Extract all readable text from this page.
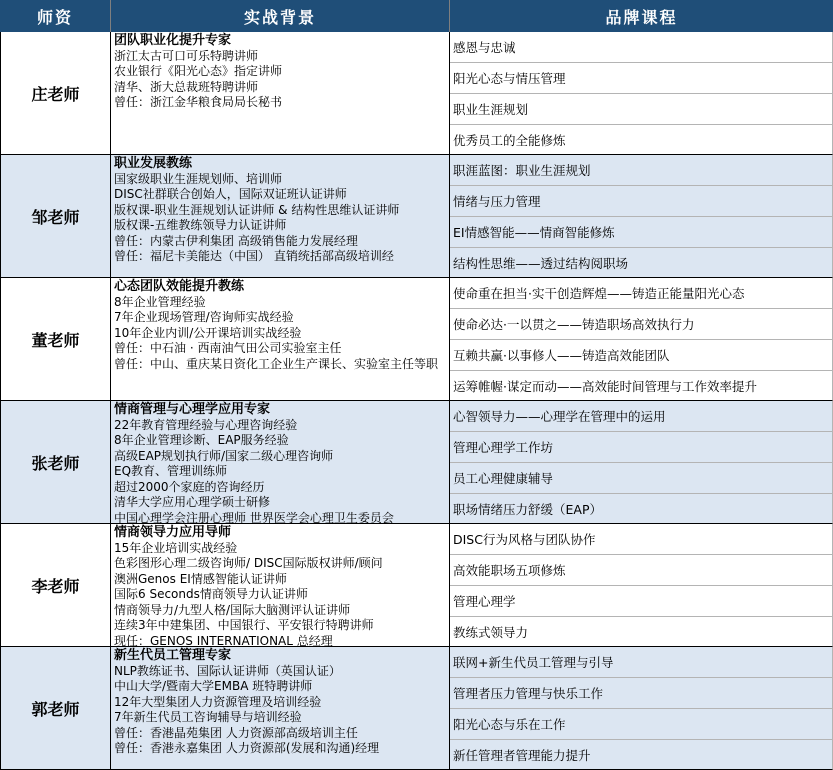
师资	实战背景	品牌课程
庄老师
团队职业化提升专家
浙江太古可口可乐特聘讲师
农业银行《阳光心态》指定讲师
清华、浙大总裁班特聘讲师
曾任：浙江金华粮食局局长秘书
感恩与忠诚
阳光心态与情压管理
职业生涯规划
优秀员工的全能修炼
邹老师
职业发展教练
国家级职业生涯规划师、培训师
DISC社群联合创始人，国际双证班认证讲师
版权课-职业生涯规划认证讲师 & 结构性思维认证讲师
版权课-五维教练领导力认证讲师
曾任：内蒙古伊利集团 高级销售能力发展经理
曾任：福尼卡美能达（中国） 直销统括部高级培训经
职涯蓝图：职业生涯规划
情绪与压力管理
EI情感智能——情商智能修炼
结构性思维——透过结构阅职场
董老师
心态团队效能提升教练
8年企业管理经验
7年企业现场管理/咨询师实战经验
10年企业内训/公开课培训实战经验
曾任：中石油 · 西南油气田公司实验室主任
曾任：中山、重庆某日资化工企业生产课长、实验室主任等职
使命重在担当·实干创造辉煌——铸造正能量阳光心态
使命必达·一以贯之——铸造职场高效执行力
互赖共赢·以事修人——铸造高效能团队
运筹帷幄·谋定而动——高效能时间管理与工作效率提升
张老师
情商管理与心理学应用专家
22年教育管理经验与心理咨询经验
8年企业管理诊断、EAP服务经验
高级EAP规划执行师/国家二级心理咨询师
EQ教育、管理训练师
超过2000个家庭的咨询经历
清华大学应用心理学硕士研修
中国心理学会注册心理师 世界医学会心理卫生委员会
心智领导力——心理学在管理中的运用
管理心理学工作坊
员工心理健康辅导
职场情绪压力舒缓（EAP）
李老师
情商领导力应用导师
15年企业培训实战经验
色彩图形心理二级咨询师/ DISC国际版权讲师/顾问
澳洲Genos EI情感智能认证讲师
国际6 Seconds情商领导力认证讲师
情商领导力/九型人格/国际大脑测评认证讲师
连续3年中建集团、中国银行、平安银行特聘讲师
现任：GENOS INTERNATIONAL 总经理
DISC行为风格与团队协作
高效能职场五项修炼
管理心理学
教练式领导力
郭老师
新生代员工管理专家
NLP教练证书、国际认证讲师（英国认证）
中山大学/暨南大学EMBA 班特聘讲师
12年大型集团人力资源管理及培训经验
7年新生代员工咨询辅导与培训经验
曾任：香港晶苑集团 人力资源部高级培训主任
曾任：香港永嘉集团 人力资源部(发展和沟通)经理
联网+新生代员工管理与引导
管理者压力管理与快乐工作
阳光心态与乐在工作
新任管理者管理能力提升
